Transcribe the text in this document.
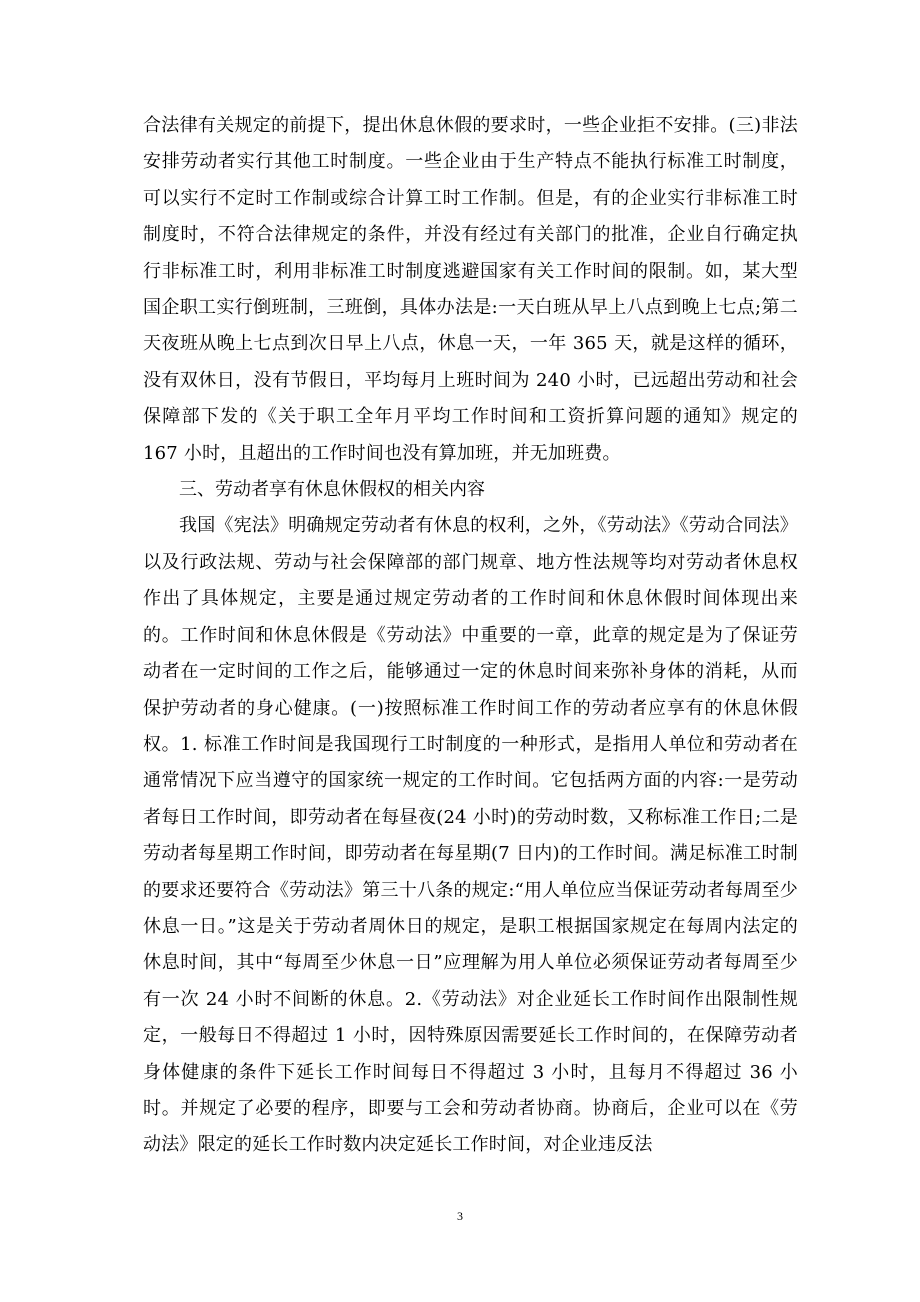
合法律有关规定的前提下，提出休息休假的要求时，一些企业拒不安排。(三)非法安排劳动者实行其他工时制度。一些企业由于生产特点不能执行标准工时制度，可以实行不定时工作制或综合计算工时工作制。但是，有的企业实行非标准工时制度时，不符合法律规定的条件，并没有经过有关部门的批准，企业自行确定执行非标准工时，利用非标准工时制度逃避国家有关工作时间的限制。如，某大型国企职工实行倒班制，三班倒，具体办法是:一天白班从早上八点到晚上七点;第二天夜班从晚上七点到次日早上八点，休息一天，一年 365 天，就是这样的循环，没有双休日，没有节假日，平均每月上班时间为 240 小时，已远超出劳动和社会保障部下发的《关于职工全年月平均工作时间和工资折算问题的通知》规定的 167 小时，且超出的工作时间也没有算加班，并无加班费。

三、劳动者享有休息休假权的相关内容

我国《宪法》明确规定劳动者有休息的权利，之外，《劳动法》《劳动合同法》以及行政法规、劳动与社会保障部的部门规章、地方性法规等均对劳动者休息权作出了具体规定，主要是通过规定劳动者的工作时间和休息休假时间体现出来的。工作时间和休息休假是《劳动法》中重要的一章，此章的规定是为了保证劳动者在一定时间的工作之后，能够通过一定的休息时间来弥补身体的消耗，从而保护劳动者的身心健康。(一)按照标准工作时间工作的劳动者应享有的休息休假权。1. 标准工作时间是我国现行工时制度的一种形式，是指用人单位和劳动者在通常情况下应当遵守的国家统一规定的工作时间。它包括两方面的内容:一是劳动者每日工作时间，即劳动者在每昼夜(24 小时)的劳动时数，又称标准工作日;二是劳动者每星期工作时间，即劳动者在每星期(7 日内)的工作时间。满足标准工时制的要求还要符合《劳动法》第三十八条的规定:“用人单位应当保证劳动者每周至少休息一日。”这是关于劳动者周休日的规定，是职工根据国家规定在每周内法定的休息时间，其中“每周至少休息一日”应理解为用人单位必须保证劳动者每周至少有一次 24 小时不间断的休息。2.《劳动法》对企业延长工作时间作出限制性规定，一般每日不得超过 1 小时，因特殊原因需要延长工作时间的，在保障劳动者身体健康的条件下延长工作时间每日不得超过 3 小时，且每月不得超过 36 小时。并规定了必要的程序，即要与工会和劳动者协商。协商后，企业可以在《劳动法》限定的延长工作时数内决定延长工作时间，对企业违反法

3
